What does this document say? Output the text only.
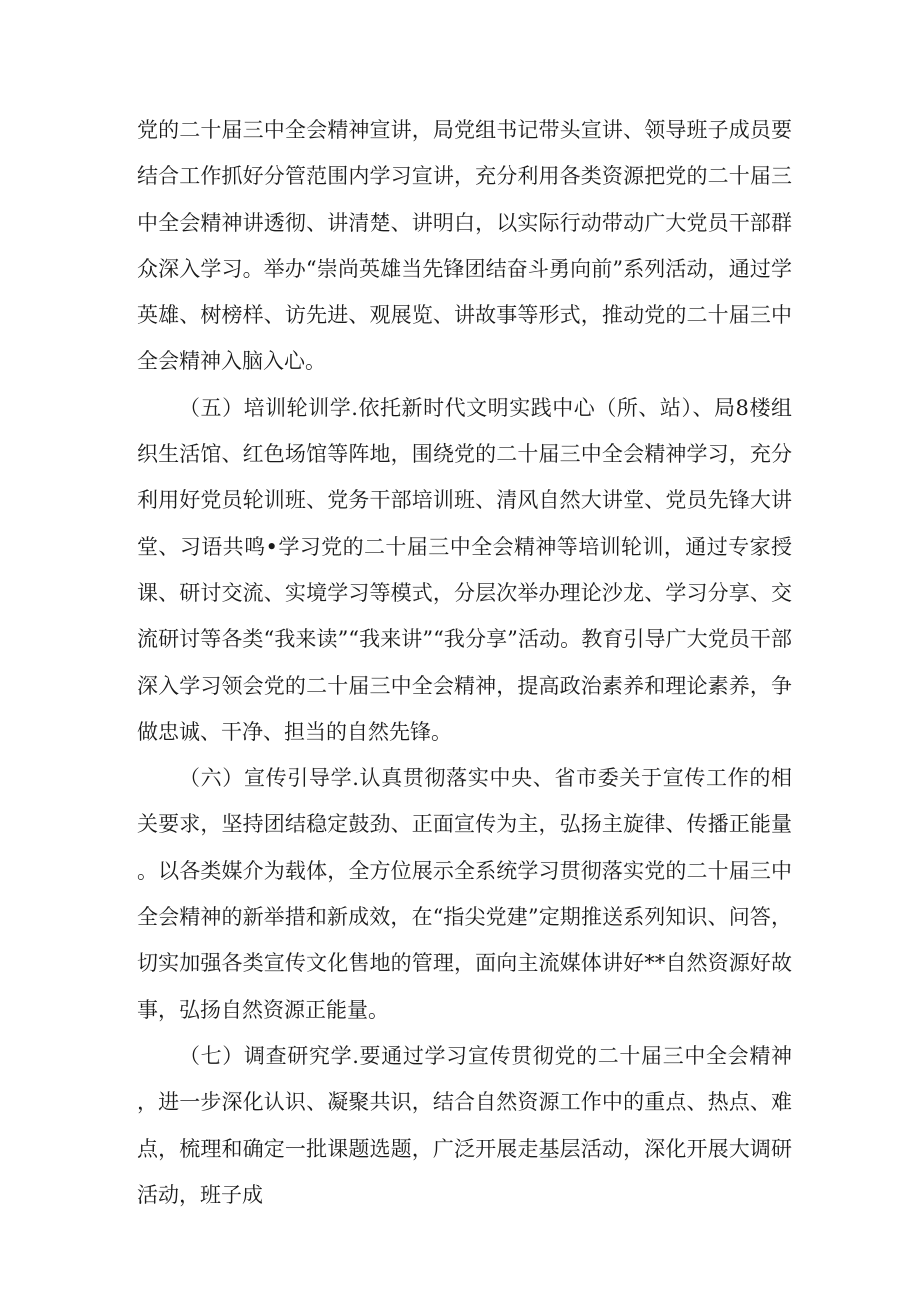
党的二十届三中全会精神宣讲，局党组书记带头宣讲、领导班子成员要结合工作抓好分管范围内学习宣讲，充分利用各类资源把党的二十届三中全会精神讲透彻、讲清楚、讲明白，以实际行动带动广大党员干部群众深入学习。举办“崇尚英雄当先锋团结奋斗勇向前”系列活动，通过学英雄、树榜样、访先进、观展览、讲故事等形式，推动党的二十届三中全会精神入脑入心。

（五）培训轮训学.依托新时代文明实践中心（所、站）、局8楼组织生活馆、红色场馆等阵地，围绕党的二十届三中全会精神学习，充分利用好党员轮训班、党务干部培训班、清风自然大讲堂、党员先锋大讲堂、习语共鸣•学习党的二十届三中全会精神等培训轮训，通过专家授课、研讨交流、实境学习等模式，分层次举办理论沙龙、学习分享、交流研讨等各类“我来读”“我来讲”“我分享”活动。教育引导广大党员干部深入学习领会党的二十届三中全会精神，提高政治素养和理论素养，争做忠诚、干净、担当的自然先锋。

（六）宣传引导学.认真贯彻落实中央、省市委关于宣传工作的相关要求，坚持团结稳定鼓劲、正面宣传为主，弘扬主旋律、传播正能量。以各类媒介为载体，全方位展示全系统学习贯彻落实党的二十届三中全会精神的新举措和新成效，在“指尖党建”定期推送系列知识、问答，切实加强各类宣传文化售地的管理，面向主流媒体讲好**自然资源好故事，弘扬自然资源正能量。

（七）调查研究学.要通过学习宣传贯彻党的二十届三中全会精神，进一步深化认识、凝聚共识，结合自然资源工作中的重点、热点、难点，梳理和确定一批课题选题，广泛开展走基层活动，深化开展大调研活动，班子成
